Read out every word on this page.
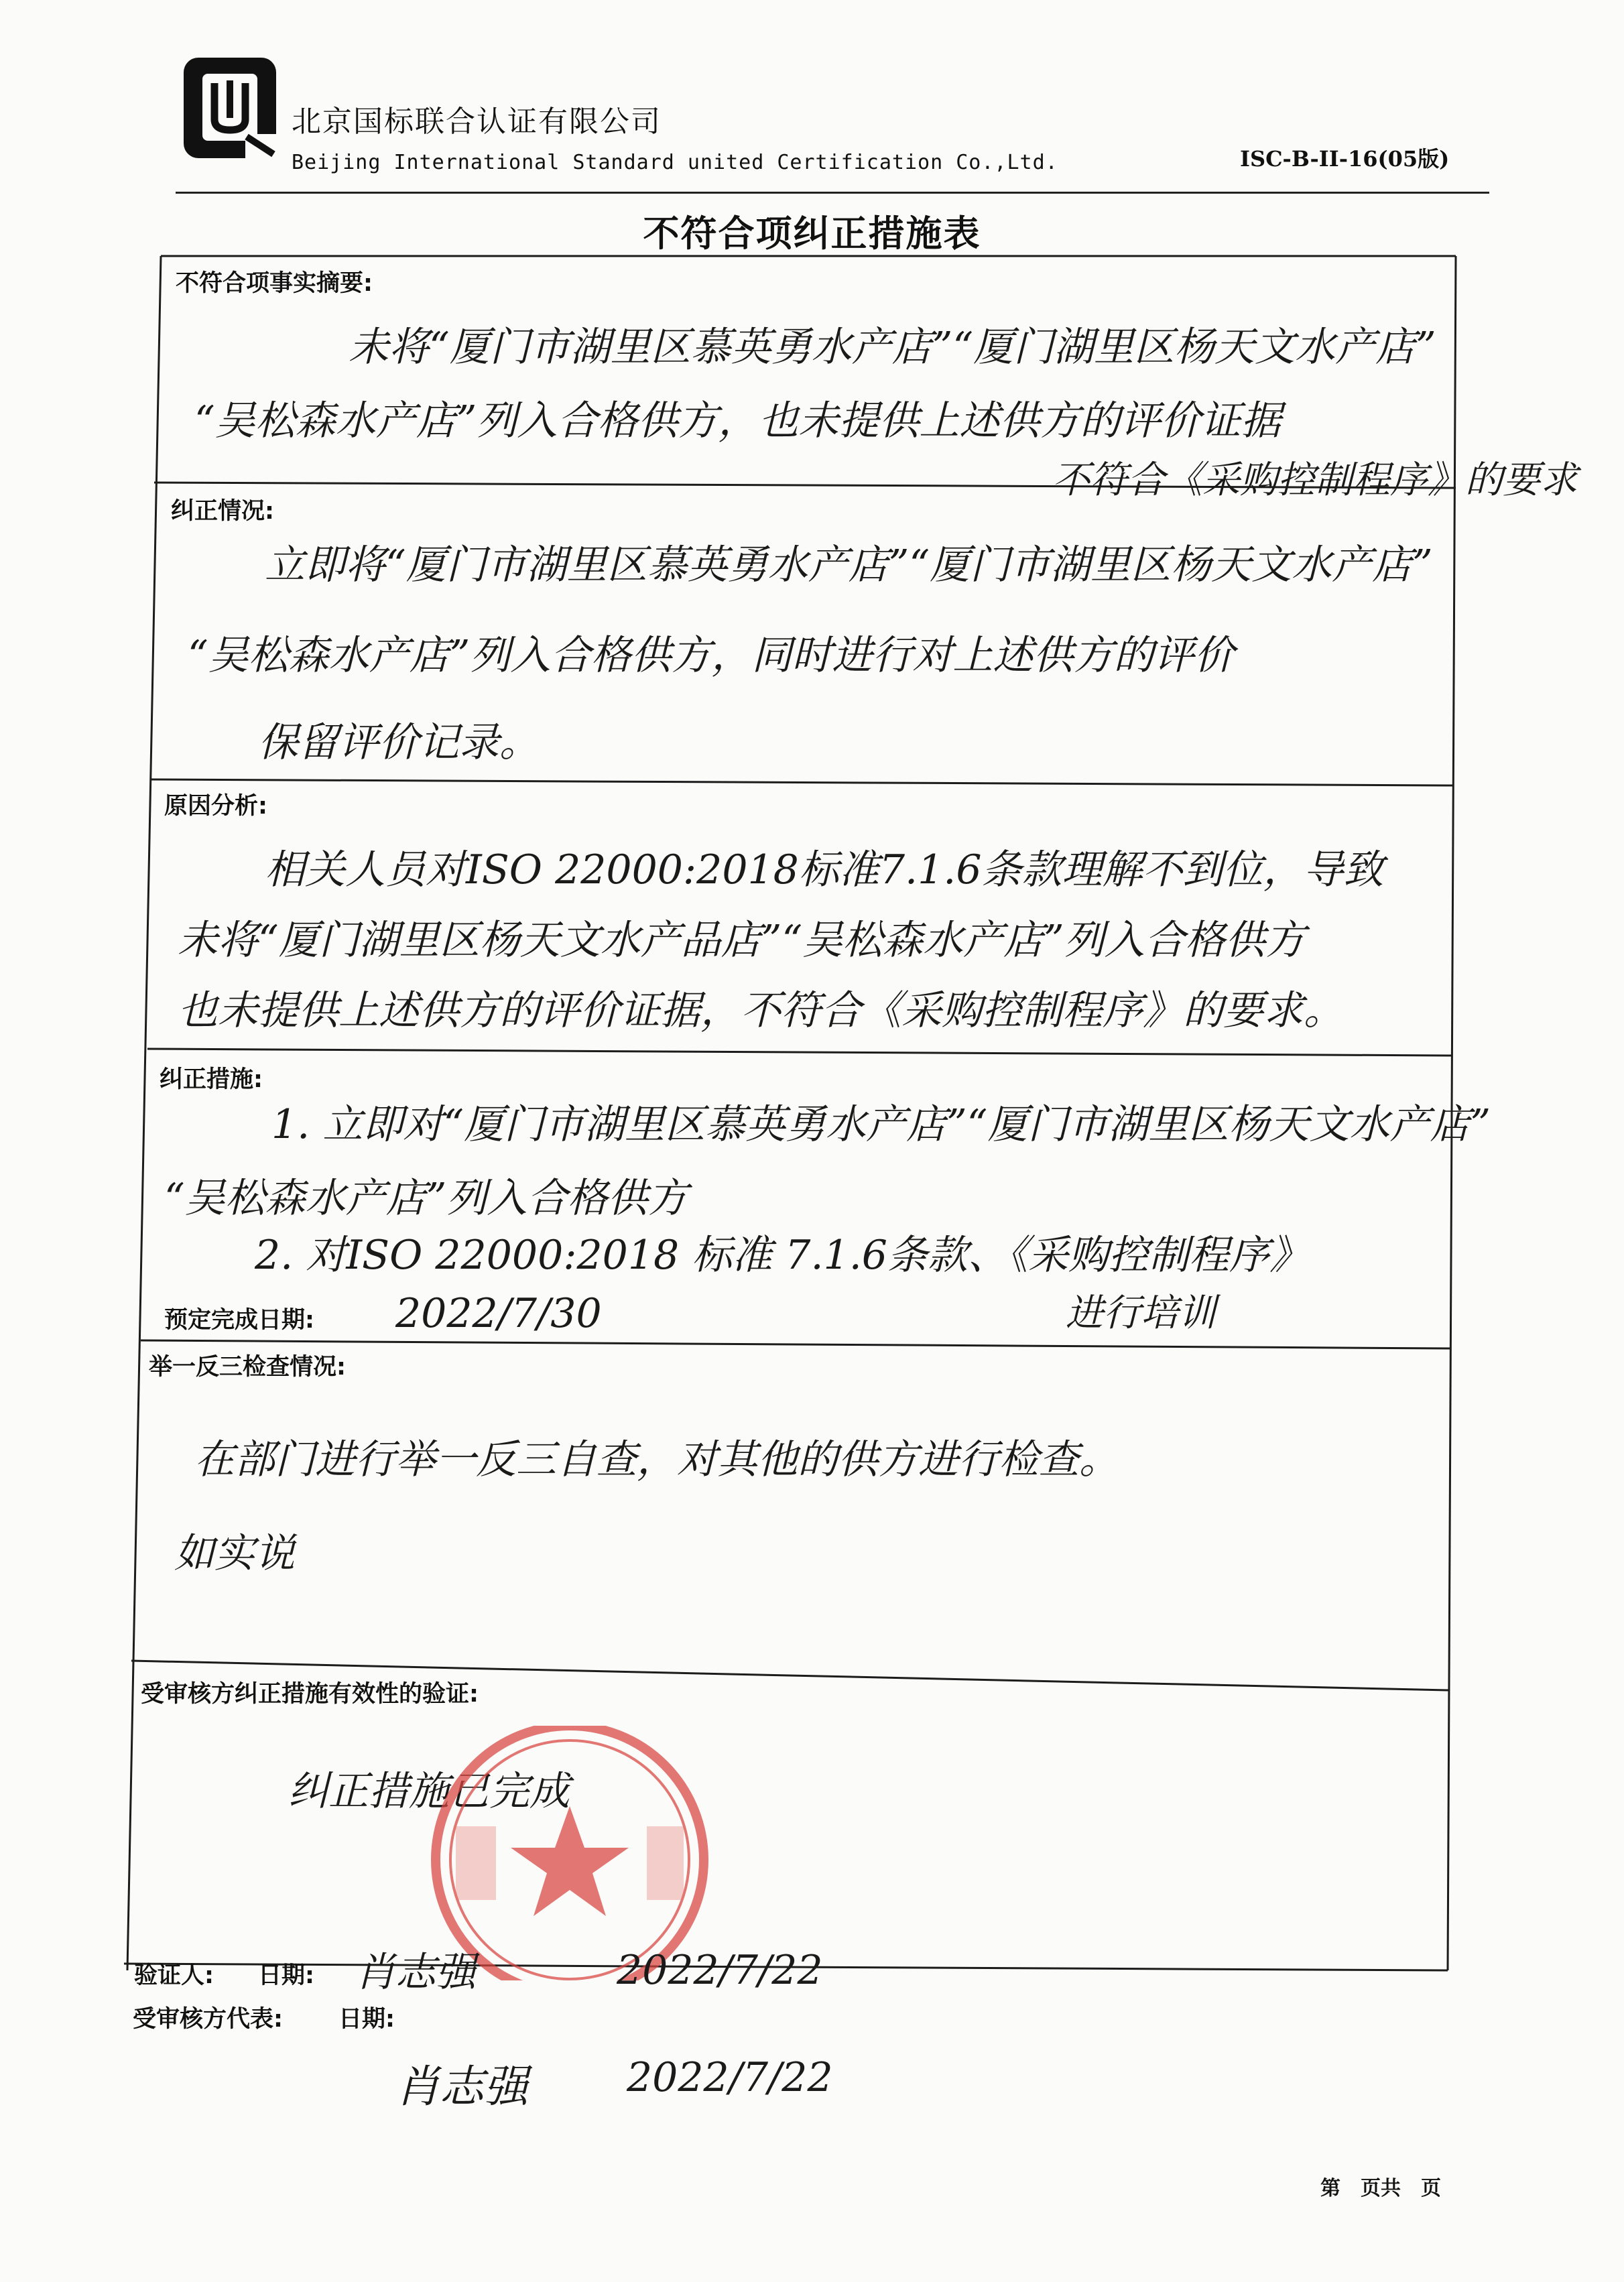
北京国标联合认证有限公司
Beijing International Standard united Certification Co.,Ltd.	ISC-B-II-16(05版)
不符合项纠正措施表
不符合项事实摘要:
未将“厦门市湖里区慕英勇水产店”“厦门湖里区杨天文水产店”
“吴松森水产店”列入合格供方，也未提供上述供方的评价证据
不符合《采购控制程序》的要求
纠正情况:
立即将“厦门市湖里区慕英勇水产店”“厦门市湖里区杨天文水产店”
“吴松森水产店”列入合格供方，同时进行对上述供方的评价
保留评价记录。
原因分析:
相关人员对ISO 22000:2018标准7.1.6条款理解不到位，导致
未将“厦门湖里区杨天文水产品店”“吴松森水产店”列入合格供方
也未提供上述供方的评价证据，不符合《采购控制程序》的要求。
纠正措施:
1. 立即对“厦门市湖里区慕英勇水产店”“厦门市湖里区杨天文水产店”
“吴松森水产店”列入合格供方
2. 对ISO 22000:2018 标准 7.1.6条款、《采购控制程序》
进行培训
预定完成日期: 2022/7/30
举一反三检查情况:
在部门进行举一反三自查，对其他的供方进行检查。
如实说
受审核方纠正措施有效性的验证:
纠正措施已完成
验证人: 日期: 肖志强	2022/7/22
受审核方代表: 日期:
肖志强 2022/7/22
第　页共　页
